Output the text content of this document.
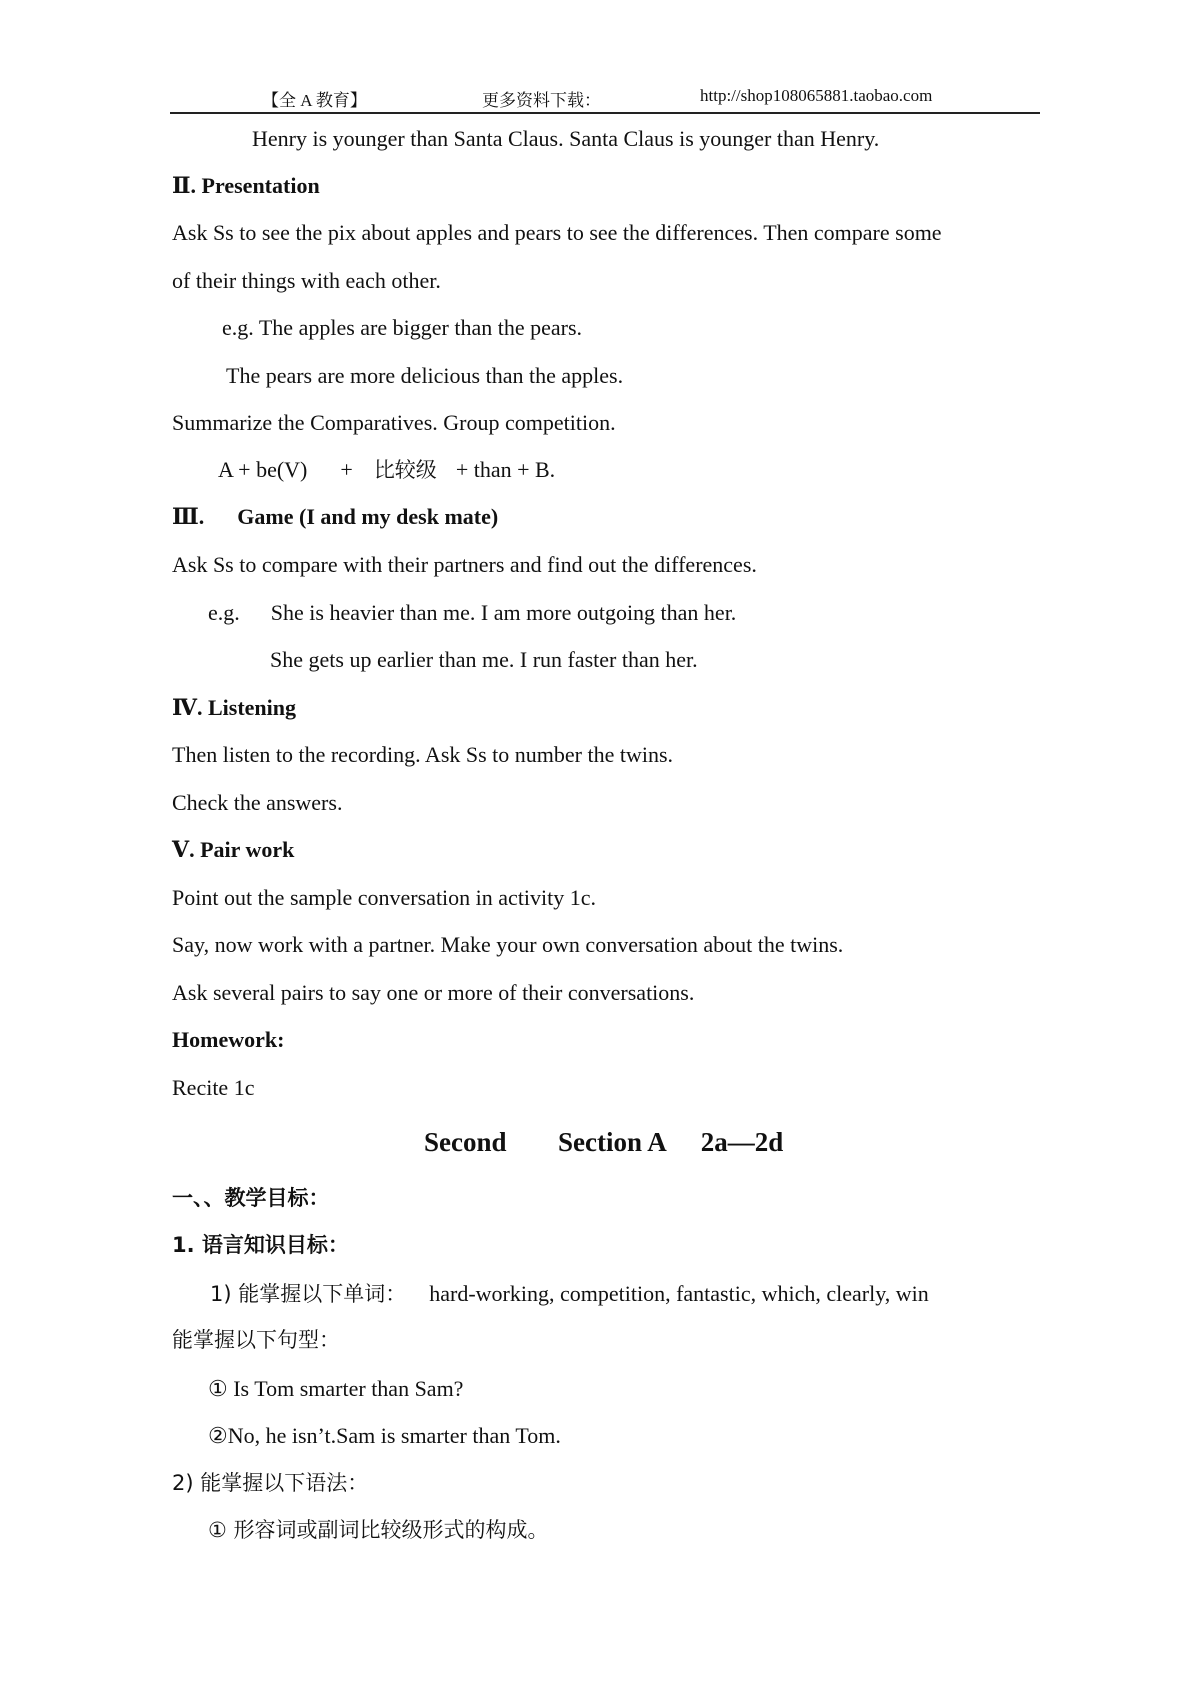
【全 A 教育】	更多资料下载：	http://shop108065881.taobao.com
Henry is younger than Santa Claus. Santa Claus is younger than Henry.
Ⅱ. Presentation
Ask Ss to see the pix about apples and pears to see the differences. Then compare some
of their things with each other.
e.g. The apples are bigger than the pears.
The pears are more delicious than the apples.
Summarize the Comparatives. Group competition.
A + be(V) + 比较级 + than + B.
Ⅲ. Game (I and my desk mate)
Ask Ss to compare with their partners and find out the differences.
e.g. She is heavier than me. I am more outgoing than her.
She gets up earlier than me. I run faster than her.
Ⅳ. Listening
Then listen to the recording. Ask Ss to number the twins.
Check the answers.
Ⅴ. Pair work
Point out the sample conversation in activity 1c.
Say, now work with a partner. Make your own conversation about the twins.
Ask several pairs to say one or more of their conversations.
Homework:
Recite 1c
Second Section A 2a—2d
一、、教学目标：
1. 语言知识目标：
1) 能掌握以下单词： hard-working, competition, fantastic, which, clearly, win
能掌握以下句型：
① Is Tom smarter than Sam?
②No, he isn’t.Sam is smarter than Tom.
2) 能掌握以下语法：
① 形容词或副词比较级形式的构成。
